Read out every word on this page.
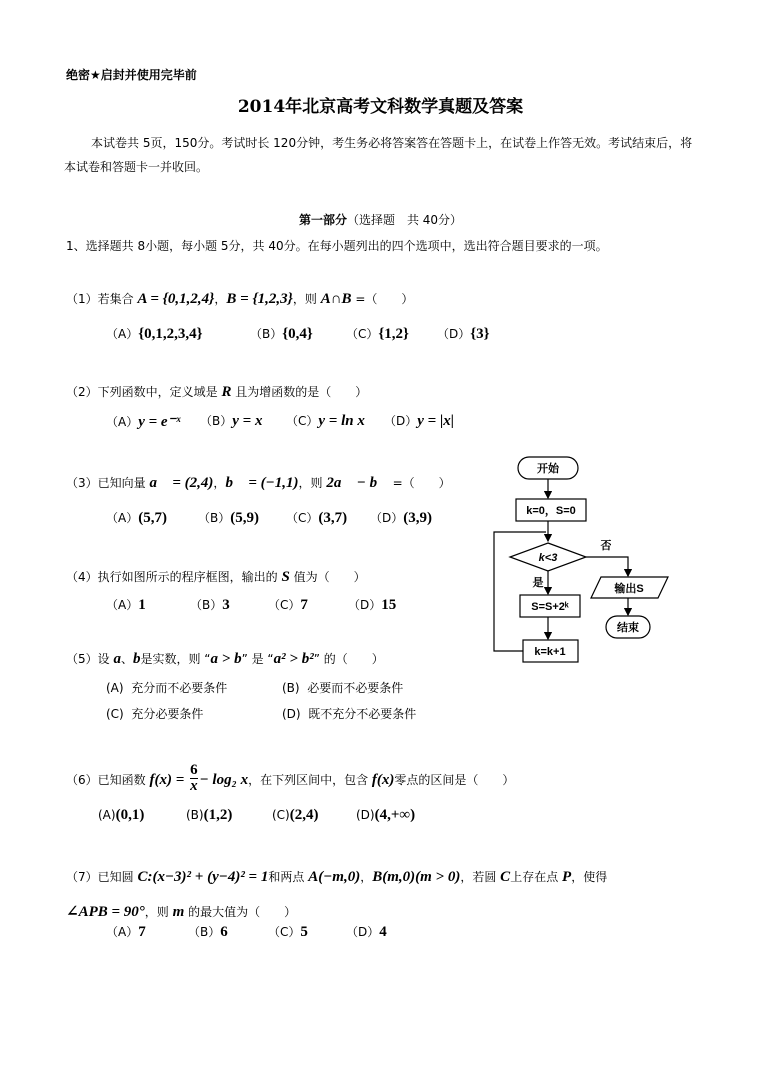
绝密★启封并使用完毕前
2014年北京高考文科数学真题及答案
本试卷共 5页，150分。考试时长 120分钟，考生务必将答案答在答题卡上，在试卷上作答无效。考试结束后，将本试卷和答题卡一并收回。
第一部分（选择题　共 40分）
1、选择题共 8小题，每小题 5分，共 40分。在每小题列出的四个选项中，选出符合题目要求的一项。
（1）若集合 A = {0,1,2,4}，B = {1,2,3}，则 A∩B =（　　）
（A）{0,1,2,3,4}	（B）{0,4}	（C）{1,2} （D）{3}
（2）下列函数中，定义域是 R 且为增函数的是（　　）
（A）y = e⁻ˣ （B）y = x （C）y = ln x （D）y = |x|
（3）已知向量 a⃗ = (2,4)，b⃗ = (−1,1)，则 2a⃗ − b⃗ =（　　）
（A）(5,7)	（B）(5,9) （C）(3,7) （D）(3,9)
（4）执行如图所示的程序框图，输出的 S 值为（　　）
（A）1	（B）3	（C）7	（D）15
（5）设 a、b是实数，则 “a > b” 是 “a² > b²” 的（　　）
(A) 充分而不必要条件	(B) 必要而不必要条件
(C) 充分必要条件	(D) 既不充分不必要条件
（6）已知函数 $f(x) = \frac{6}{x} - \log_2$ x，在下列区间中，包含 f(x)零点的区间是（　　）
(A)(0,1)	(B)(1,2)	(C)(2,4)	(D)(4,+∞)
（7）已知圆 C:(x−3)² + (y−4)² = 1和两点 A(−m,0)，B(m,0)(m > 0)，若圆 C上存在点 P，使得
∠APB = 90°，则 m 的最大值为（　　）
（A）7	（B）6	（C）5	（D）4
开始
k=0，S=0
k<3
是
否
S=S+2ᵏ
k=k+1
输出S
结束
